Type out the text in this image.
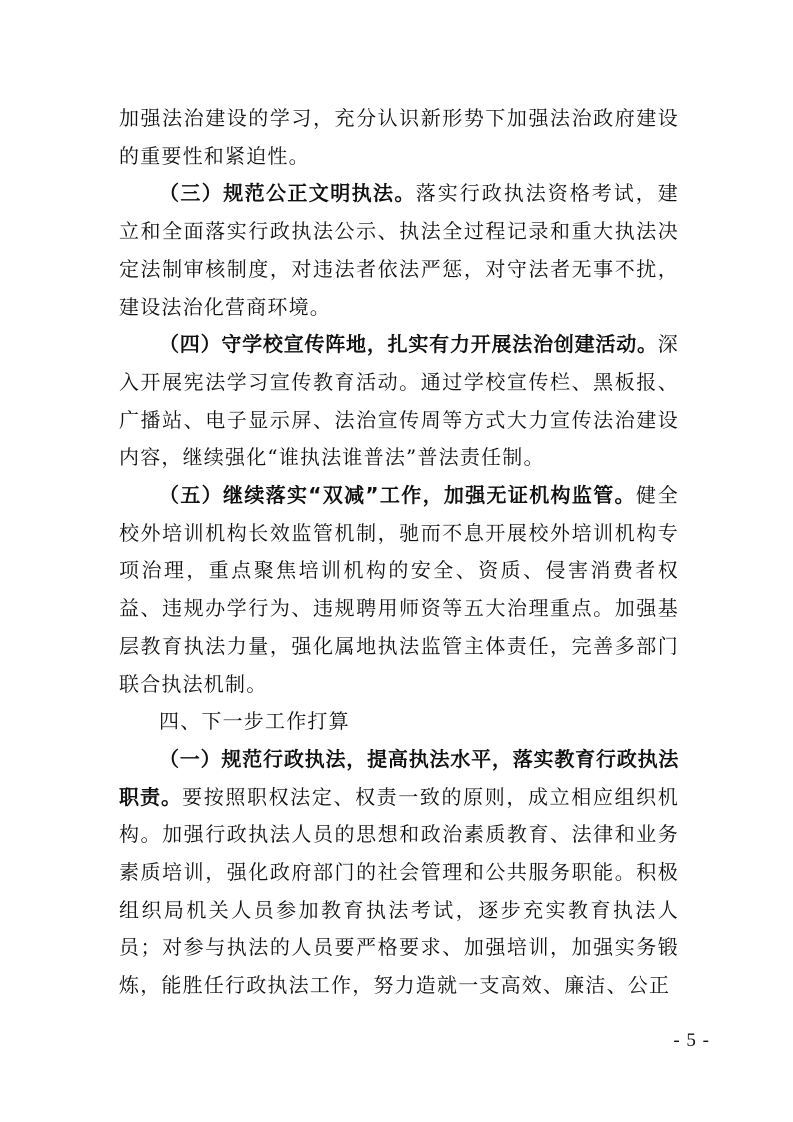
加强法治建设的学习，充分认识新形势下加强法治政府建设的重要性和紧迫性。

（三）规范公正文明执法。落实行政执法资格考试，建立和全面落实行政执法公示、执法全过程记录和重大执法决定法制审核制度，对违法者依法严惩，对守法者无事不扰，建设法治化营商环境。

（四）守学校宣传阵地，扎实有力开展法治创建活动。深入开展宪法学习宣传教育活动。通过学校宣传栏、黑板报、广播站、电子显示屏、法治宣传周等方式大力宣传法治建设内容，继续强化“谁执法谁普法”普法责任制。

（五）继续落实“双减”工作，加强无证机构监管。健全校外培训机构长效监管机制，驰而不息开展校外培训机构专项治理，重点聚焦培训机构的安全、资质、侵害消费者权益、违规办学行为、违规聘用师资等五大治理重点。加强基层教育执法力量，强化属地执法监管主体责任，完善多部门联合执法机制。

四、下一步工作打算

（一）规范行政执法，提高执法水平，落实教育行政执法职责。要按照职权法定、权责一致的原则，成立相应组织机构。加强行政执法人员的思想和政治素质教育、法律和业务素质培训，强化政府部门的社会管理和公共服务职能。积极组织局机关人员参加教育执法考试，逐步充实教育执法人员；对参与执法的人员要严格要求、加强培训，加强实务锻炼，能胜任行政执法工作，努力造就一支高效、廉洁、公正

- 5 -
